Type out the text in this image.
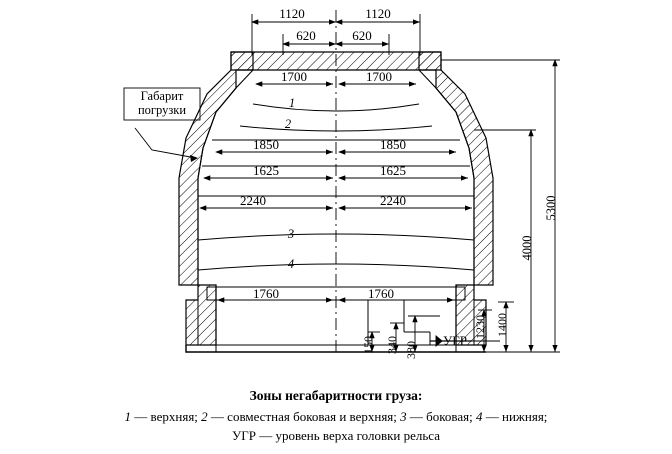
Габарит
погрузки
1120	1120
620	620
1700	1700
1850	1850
1625	1625
2240	2240
1760	1760
1
2
3
4
150 340 380
УГР
1230 1400
4000
5300
Зоны негабаритности груза:
1 — верхняя; 2 — совместная боковая и верхняя; 3 — боковая; 4 — нижняя;
УГР — уровень верха головки рельса
